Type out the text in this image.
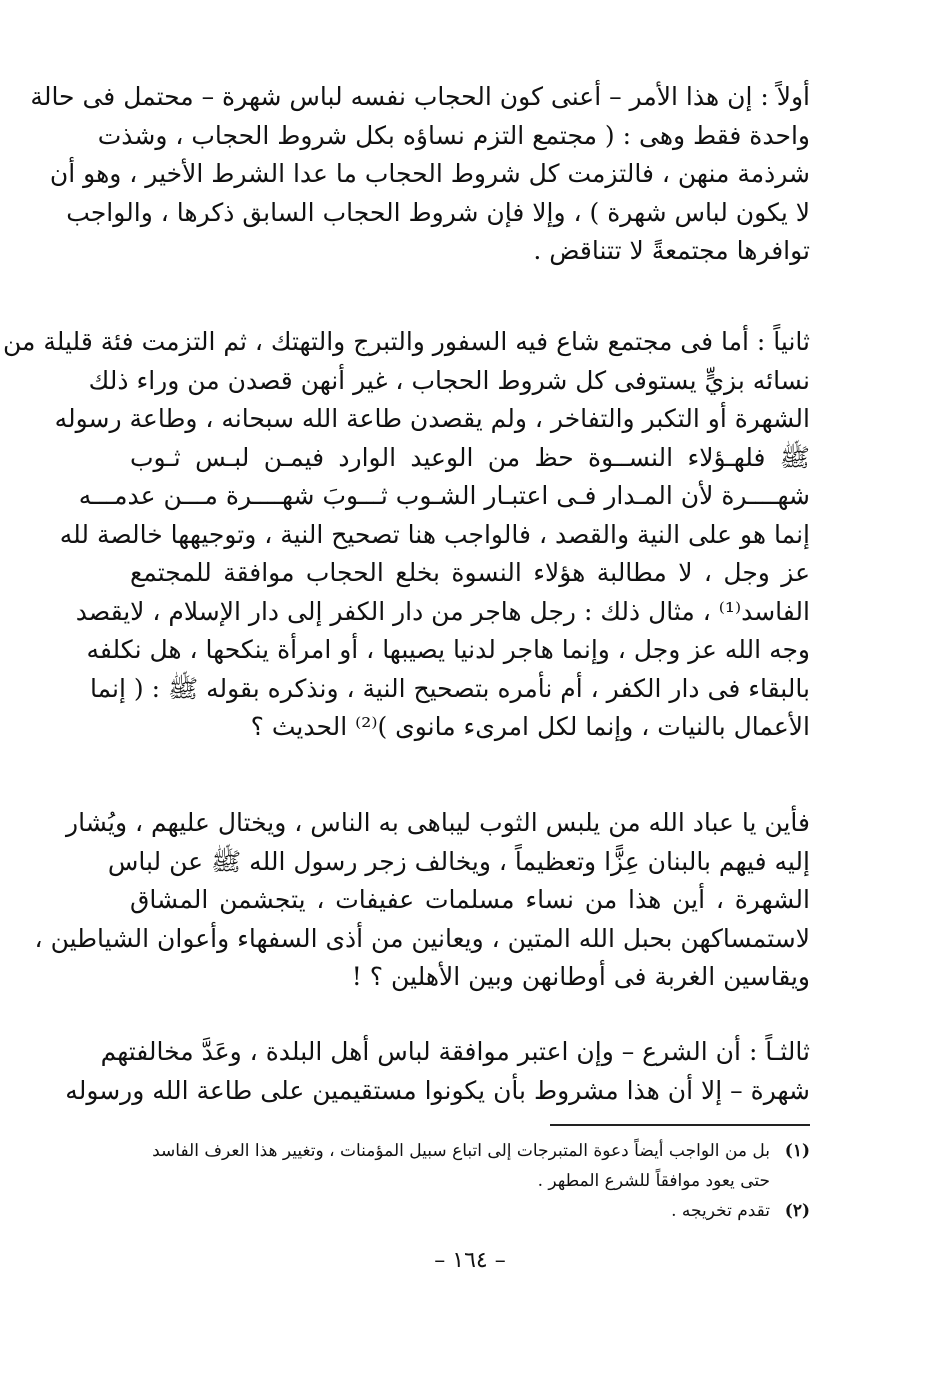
أولاً : إن هذا الأمر – أعنى كون الحجاب نفسه لباس شهرة – محتمل فى حالة
واحدة فقط وهى : ( مجتمع التزم نساؤه بكل شروط الحجاب ، وشذت
شرذمة منهن ، فالتزمت كل شروط الحجاب ما عدا الشرط الأخير ، وهو أن
لا يكون لباس شهرة ) ، وإلا فإن شروط الحجاب السابق ذكرها ، والواجب
توافرها مجتمعةً لا تتناقض .
ثانياً : أما فى مجتمع شاع فيه السفور والتبرج والتهتك ، ثم التزمت فئة قليلة من
نسائه بزيٍّ يستوفى كل شروط الحجاب ، غير أنهن قصدن من وراء ذلك
الشهرة أو التكبر والتفاخر ، ولم يقصدن طاعة الله سبحانه ، وطاعة رسوله
ﷺ فلهـؤلاء النســوة حظ من الوعيد الوارد فيمـن لبـس ثـوب
شهــــرة لأن المـدار فـى اعتبـار الشـوب ثـــوبَ شهــــرة مـــن عدمـــه
إنما هو على النية والقصد ، فالواجب هنا تصحيح النية ، وتوجيهها خالصة لله
عز وجل ، لا مطالبة هؤلاء النسوة بخلع الحجاب موافقة للمجتمع
الفاسد⁽¹⁾ ، مثال ذلك : رجل هاجر من دار الكفر إلى دار الإسلام ، لايقصد
وجه الله عز وجل ، وإنما هاجر لدنيا يصيبها ، أو امرأة ينكحها ، هل نكلفه
بالبقاء فى دار الكفر ، أم نأمره بتصحيح النية ، ونذكره بقوله ﷺ : ( إنما
الأعمال بالنيات ، وإنما لكل امرىء مانوى )⁽²⁾ الحديث ؟
فأين يا عباد الله من يلبس الثوب ليباهى به الناس ، ويختال عليهم ، ويُشار
إليه فيهم بالبنان عِزًّا وتعظيماً ، ويخالف زجر رسول الله ﷺ عن لباس
الشهرة ، أين هذا من نساء مسلمات عفيفات ، يتجشمن المشاق
لاستمساكهن بحبل الله المتين ، ويعانين من أذى السفهاء وأعوان الشياطين ،
ويقاسين الغربة فى أوطانهن وبين الأهلين ؟ !
ثالثـاً : أن الشرع – وإن اعتبر موافقة لباس أهل البلدة ، وعَدَّ مخالفتهم
شهرة – إلا أن هذا مشروط بأن يكونوا مستقيمين على طاعة الله ورسوله
(١)
بل من الواجب أيضاً دعوة المتبرجات إلى اتباع سبيل المؤمنات ، وتغيير هذا العرف الفاسد حتى يعود موافقاً للشرع المطهر .
(٢)
تقدم تخريجه .
– ١٦٤ –
